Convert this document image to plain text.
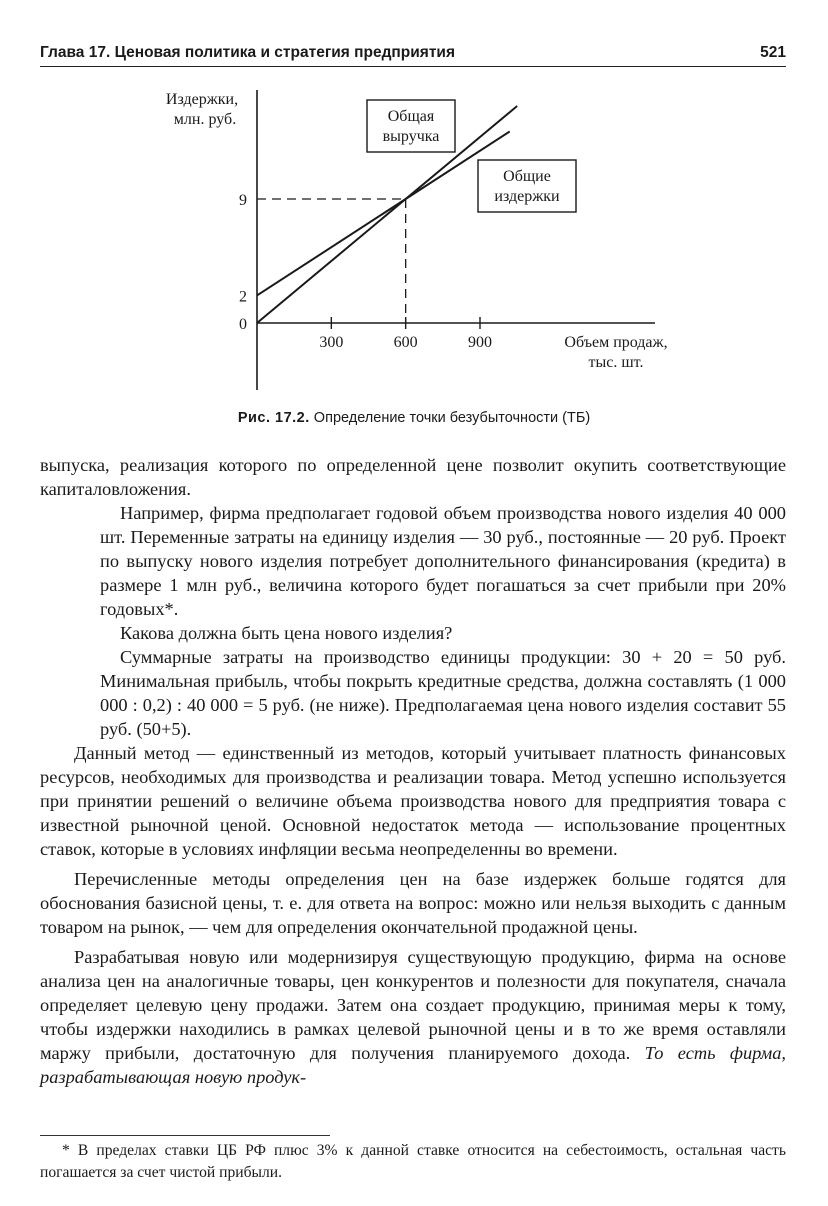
Глава 17. Ценовая политика и стратегия предприятия	521
300	600	900
0
2
9
Издержки,
млн. руб.
Объем продаж,
тыс. шт.
Общая
выручка
Общие
издержки
Рис. 17.2. Определение точки безубыточности (ТБ)

выпуска, реализация которого по определенной цене позволит окупить соответствующие капиталовложения.

Например, фирма предполагает годовой объем производства нового изделия 40 000 шт. Переменные затраты на единицу изделия — 30 руб., постоянные — 20 руб. Проект по выпуску нового изделия потребует дополнительного финансирования (кредита) в размере 1 млн руб., величина которого будет погашаться за счет прибыли при 20% годовых*.

Какова должна быть цена нового изделия?

Суммарные затраты на производство единицы продукции: 30 + 20 = 50 руб. Минимальная прибыль, чтобы покрыть кредитные средства, должна составлять (1 000 000 : 0,2) : 40 000 = 5 руб. (не ниже). Предполагаемая цена нового изделия составит 55 руб. (50+5).

Данный метод — единственный из методов, который учитывает платность финансовых ресурсов, необходимых для производства и реализации товара. Метод успешно используется при принятии решений о величине объема производства нового для предприятия товара с известной рыночной ценой. Основной недостаток метода — использование процентных ставок, которые в условиях инфляции весьма неопределенны во времени.

Перечисленные методы определения цен на базе издержек больше годятся для обоснования базисной цены, т. е. для ответа на вопрос: можно или нельзя выходить с данным товаром на рынок, — чем для определения окончательной продажной цены.

Разрабатывая новую или модернизируя существующую продукцию, фирма на основе анализа цен на аналогичные товары, цен конкурентов и полезности для покупателя, сначала определяет целевую цену продажи. Затем она создает продукцию, принимая меры к тому, чтобы издержки находились в рамках целевой рыночной цены и в то же время оставляли маржу прибыли, достаточную для получения планируемого дохода. То есть фирма, разрабатывающая новую продук-

* В пределах ставки ЦБ РФ плюс 3% к данной ставке относится на себестоимость, остальная часть погашается за счет чистой прибыли.
